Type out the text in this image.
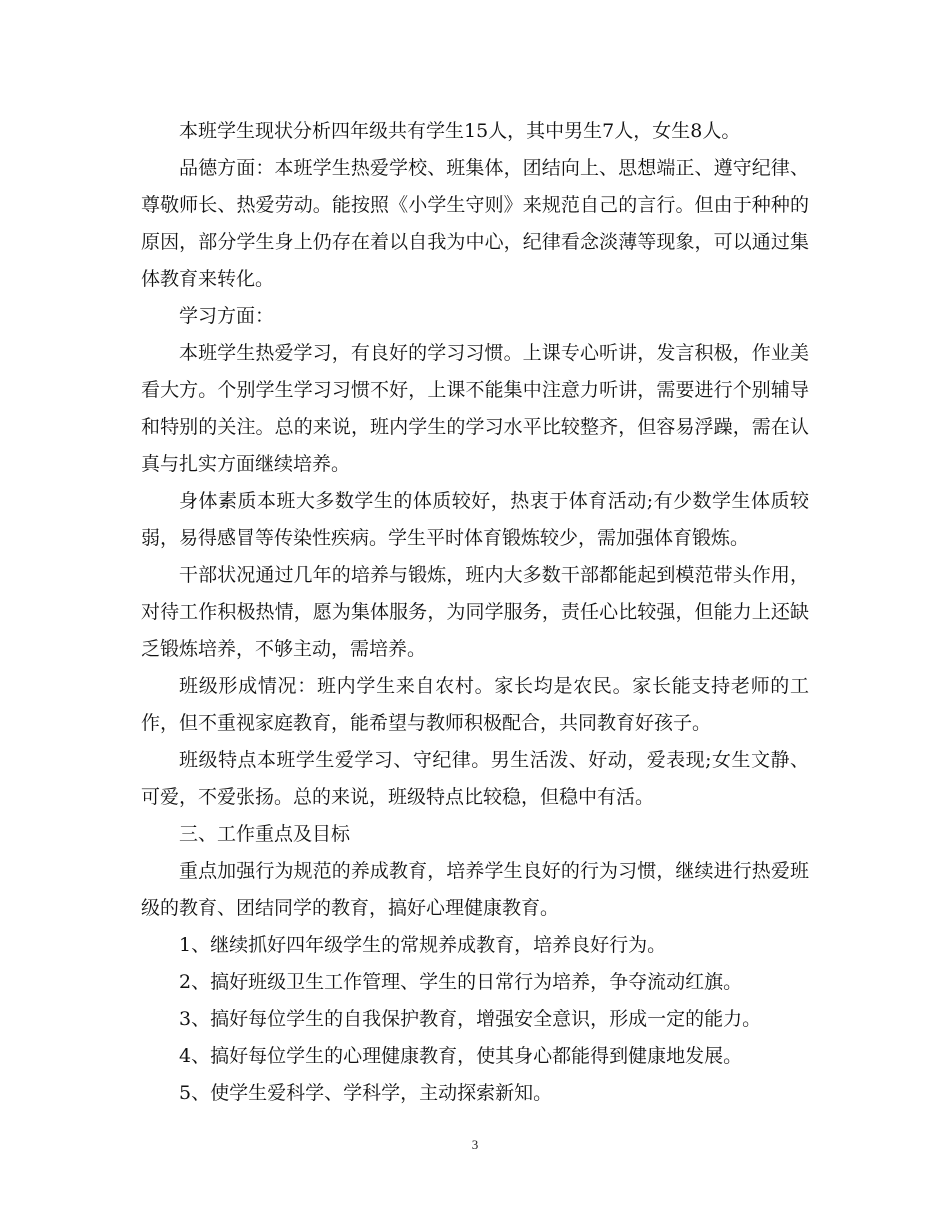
本班学生现状分析四年级共有学生15人，其中男生7人，女生8人。

品德方面：本班学生热爱学校、班集体，团结向上、思想端正、遵守纪律、尊敬师长、热爱劳动。能按照《小学生守则》来规范自己的言行。但由于种种的原因，部分学生身上仍存在着以自我为中心，纪律看念淡薄等现象，可以通过集体教育来转化。

学习方面：

本班学生热爱学习，有良好的学习习惯。上课专心听讲，发言积极，作业美看大方。个别学生学习习惯不好，上课不能集中注意力听讲，需要进行个别辅导和特别的关注。总的来说，班内学生的学习水平比较整齐，但容易浮躁，需在认真与扎实方面继续培养。

身体素质本班大多数学生的体质较好，热衷于体育活动;有少数学生体质较弱，易得感冒等传染性疾病。学生平时体育锻炼较少，需加强体育锻炼。

干部状况通过几年的培养与锻炼，班内大多数干部都能起到模范带头作用，对待工作积极热情，愿为集体服务，为同学服务，责任心比较强，但能力上还缺乏锻炼培养，不够主动，需培养。

班级形成情况：班内学生来自农村。家长均是农民。家长能支持老师的工作，但不重视家庭教育，能希望与教师积极配合，共同教育好孩子。

班级特点本班学生爱学习、守纪律。男生活泼、好动，爱表现;女生文静、可爱，不爱张扬。总的来说，班级特点比较稳，但稳中有活。

三、工作重点及目标

重点加强行为规范的养成教育，培养学生良好的行为习惯，继续进行热爱班级的教育、团结同学的教育，搞好心理健康教育。

1、继续抓好四年级学生的常规养成教育，培养良好行为。

2、搞好班级卫生工作管理、学生的日常行为培养，争夺流动红旗。

3、搞好每位学生的自我保护教育，增强安全意识，形成一定的能力。

4、搞好每位学生的心理健康教育，使其身心都能得到健康地发展。

5、使学生爱科学、学科学，主动探索新知。

3
